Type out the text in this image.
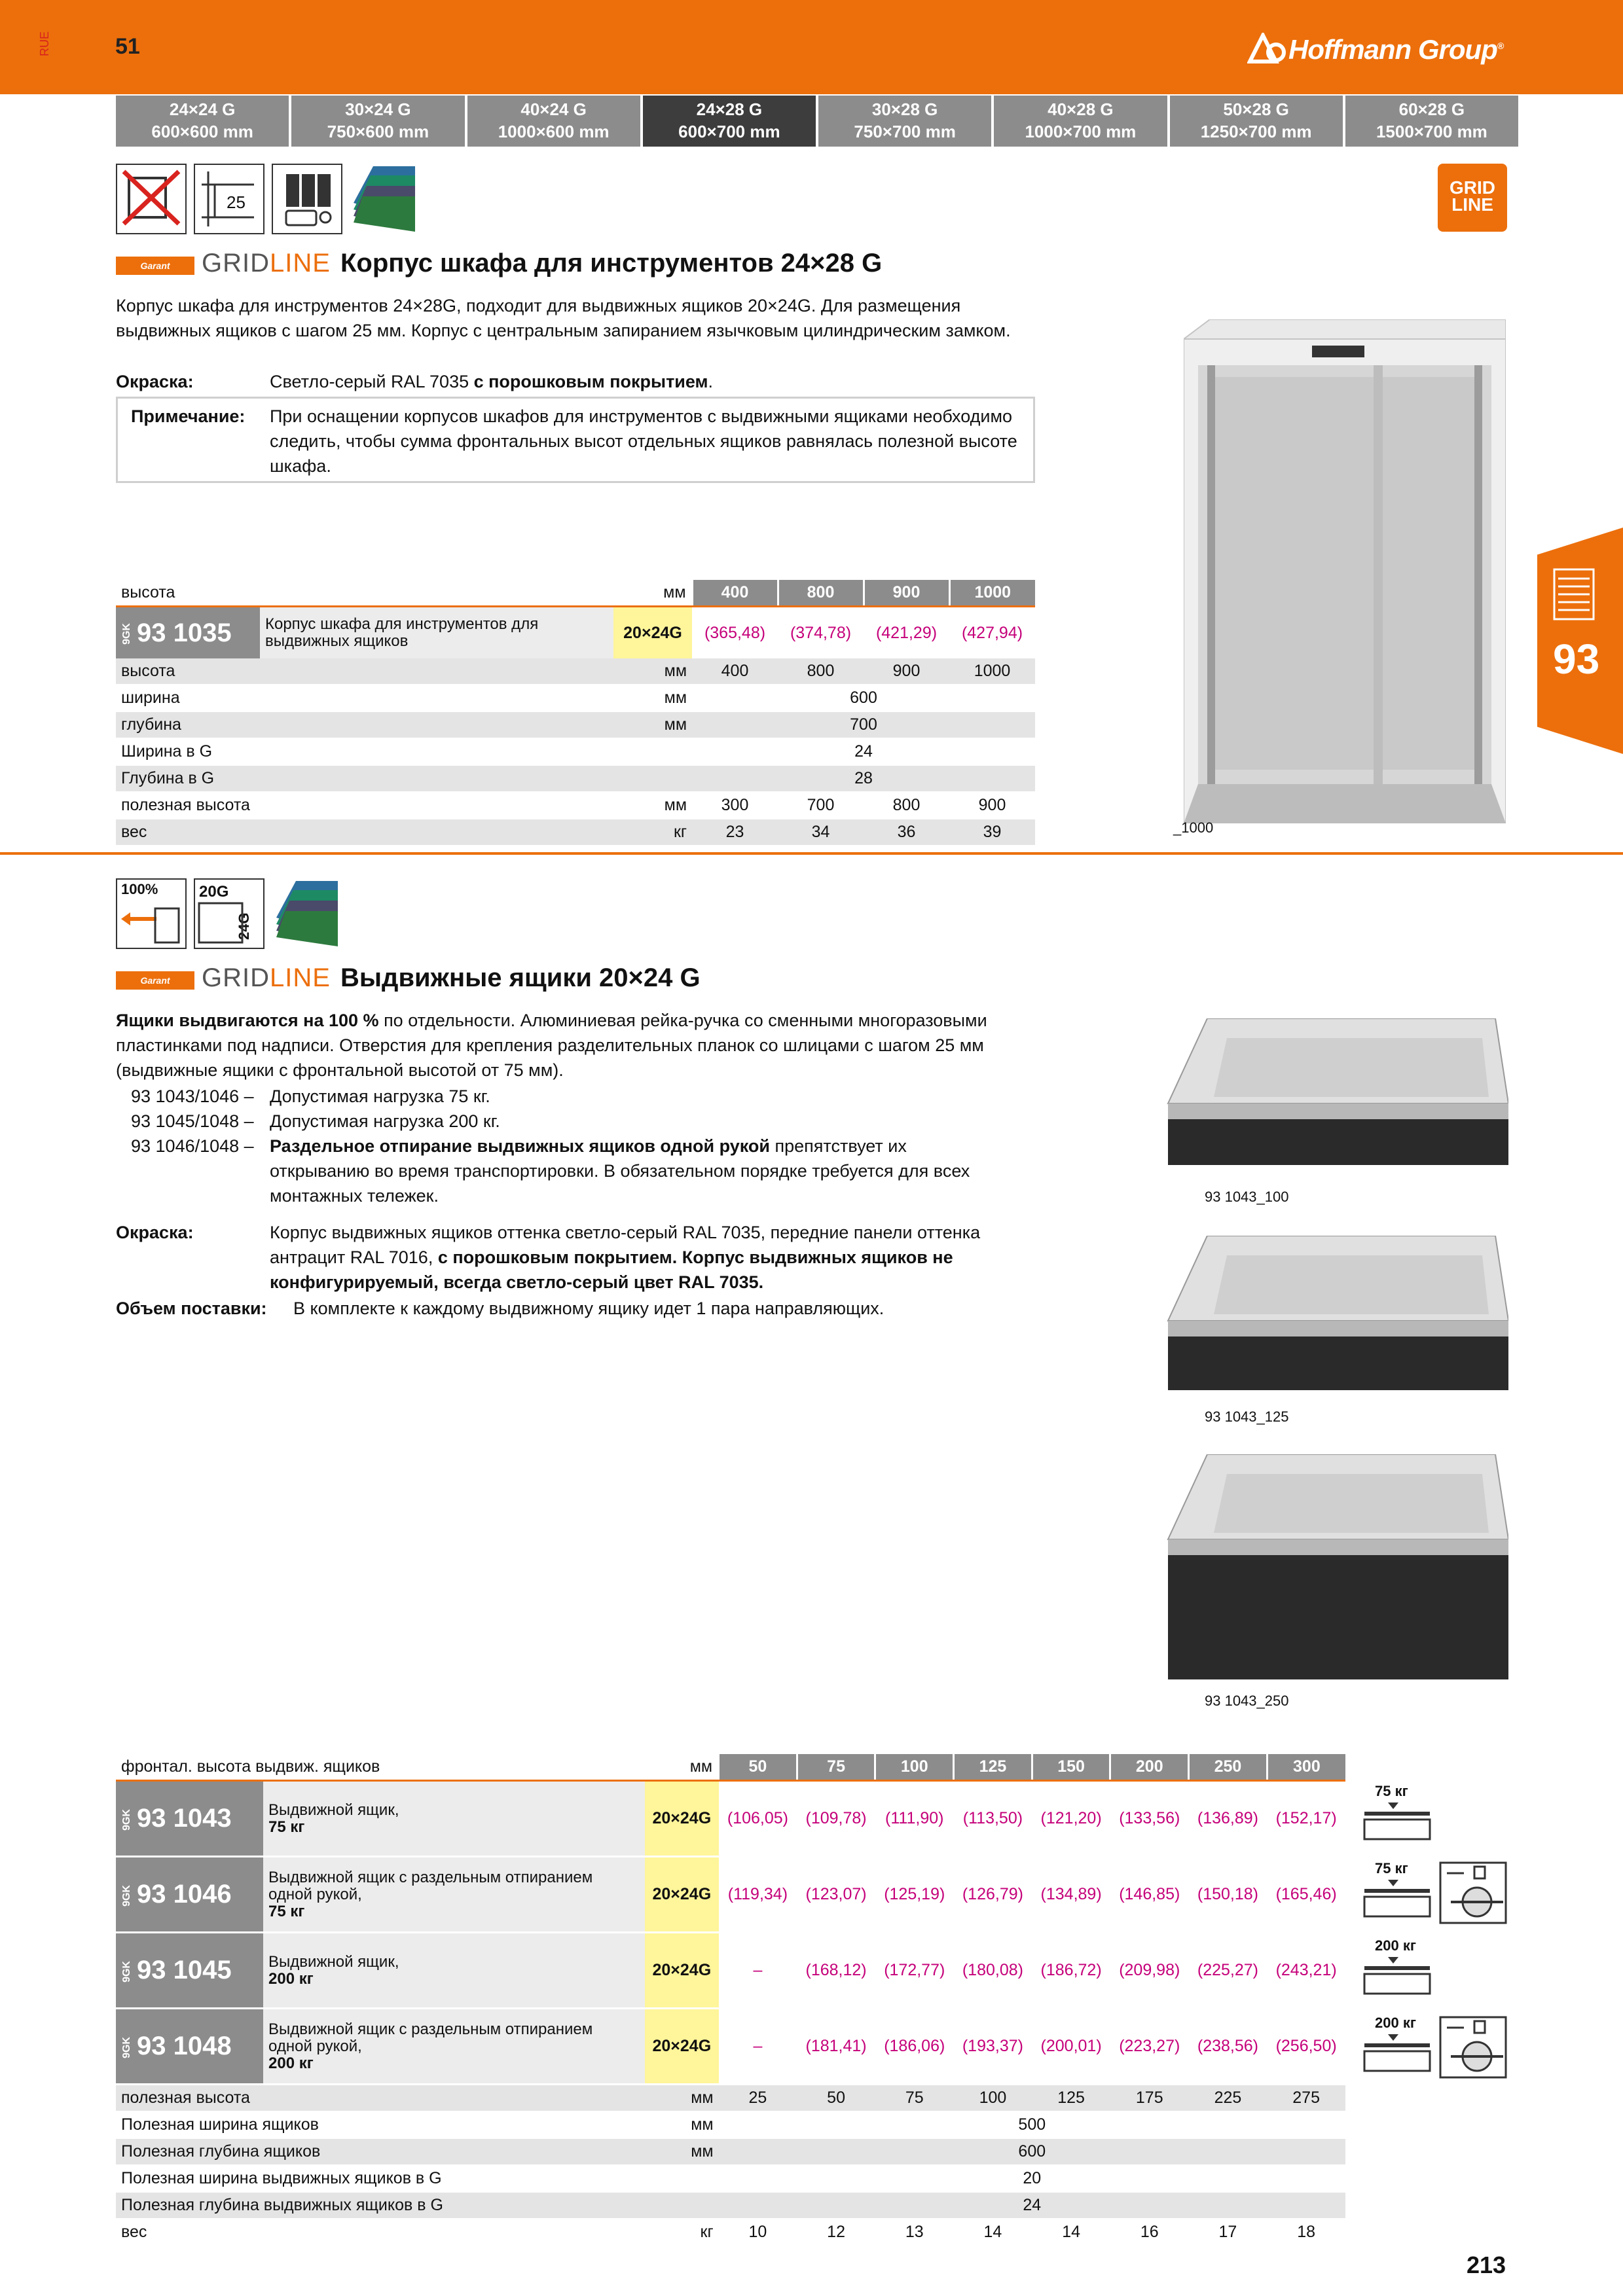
RUE	51	Hoffmann Group®
24×24 G
600×600 mm
30×24 G
750×600 mm
40×24 G
1000×600 mm
24×28 G
600×700 mm
30×28 G
750×700 mm
40×28 G
1000×700 mm
50×28 G
1250×700 mm
60×28 G
1500×700 mm
25
GRID
LINE
Garant	GRIDLINE Корпус шкафа для инструментов 24×28 G
Корпус шкафа для инструментов 24×28G, подходит для выдвижных ящиков 20×24G. Для размещения выдвижных ящиков с шагом 25 мм. Корпус с центральным запиранием язычковым цилиндрическим замком.
Окраска:	Светло-серый RAL 7035 с порошковым покрытием.
Примечание: При оснащении корпусов шкафов для инструментов с выдвижными ящиками необходимо следить, чтобы сумма фронтальных высот отдельных ящиков равнялась полезной высоте шкафа.
_1000
93
высота		мм	400	800	900	1000
9GK 93 1035	Корпус шкафа для инструментов для выдвижных ящиков	20×24G	(365,48)	(374,78)	(421,29)	(427,94)
высота		мм	400	800	900	1000
ширина		мм	600			
глубина		мм	700			
Ширина в G			24			
Глубина в G			28			
полезная высота		мм	300	700	800	900
вес		кг	23	34	36	39
100%	20G
24G
Garant	GRIDLINE Выдвижные ящики 20×24 G
Ящики выдвигаются на 100 % по отдельности. Алюминиевая рейка-ручка со сменными многоразовыми пластинками под надписи. Отверстия для крепления разделительных планок со шлицами с шагом 25 мм (выдвижные ящики с фронтальной высотой от 75 мм).
93 1043/1046 – Допустимая нагрузка 75 кг.
93 1045/1048 – Допустимая нагрузка 200 кг.
93 1046/1048 – Раздельное отпирание выдвижных ящиков одной рукой препятствует их открыванию во время транспортировки. В обязательном порядке требуется для всех монтажных тележек.
Окраска:	Корпус выдвижных ящиков оттенка светло-серый RAL 7035, передние панели оттенка антрацит RAL 7016, с порошковым покрытием. Корпус выдвижных ящиков не конфигурируемый, всегда светло-серый цвет RAL 7035.
Объем поставки: В комплекте к каждому выдвижному ящику идет 1 пара направляющих.
93 1043_100
93 1043_125
93 1043_250
фронтал. высота выдвиж. ящиков		мм	50	75	100	125	150	200	250	300
9GK 93 1043	Выдвижной ящик,
75 кг	20×24G	(106,05)	(109,78)	(111,90)	(113,50)	(121,20)	(133,56)	(136,89)	(152,17)
9GK 93 1046	Выдвижной ящик с раздельным отпиранием одной рукой,
75 кг	20×24G	(119,34)	(123,07)	(125,19)	(126,79)	(134,89)	(146,85)	(150,18)	(165,46)
9GK 93 1045	Выдвижной ящик,
200 кг	20×24G	–	(168,12)	(172,77)	(180,08)	(186,72)	(209,98)	(225,27)	(243,21)
9GK 93 1048	Выдвижной ящик с раздельным отпиранием одной рукой,
200 кг	20×24G	–	(181,41)	(186,06)	(193,37)	(200,01)	(223,27)	(238,56)	(256,50)
полезная высота		мм	25	50	75	100	125	175	225	275
Полезная ширина ящиков		мм	500							
Полезная глубина ящиков		мм	600							
Полезная ширина выдвижных ящиков в G			20							
Полезная глубина выдвижных ящиков в G			24							
вес		кг	10	12	13	14	14	16	17	18
75 кг
75 кг
200 кг
200 кг
213
